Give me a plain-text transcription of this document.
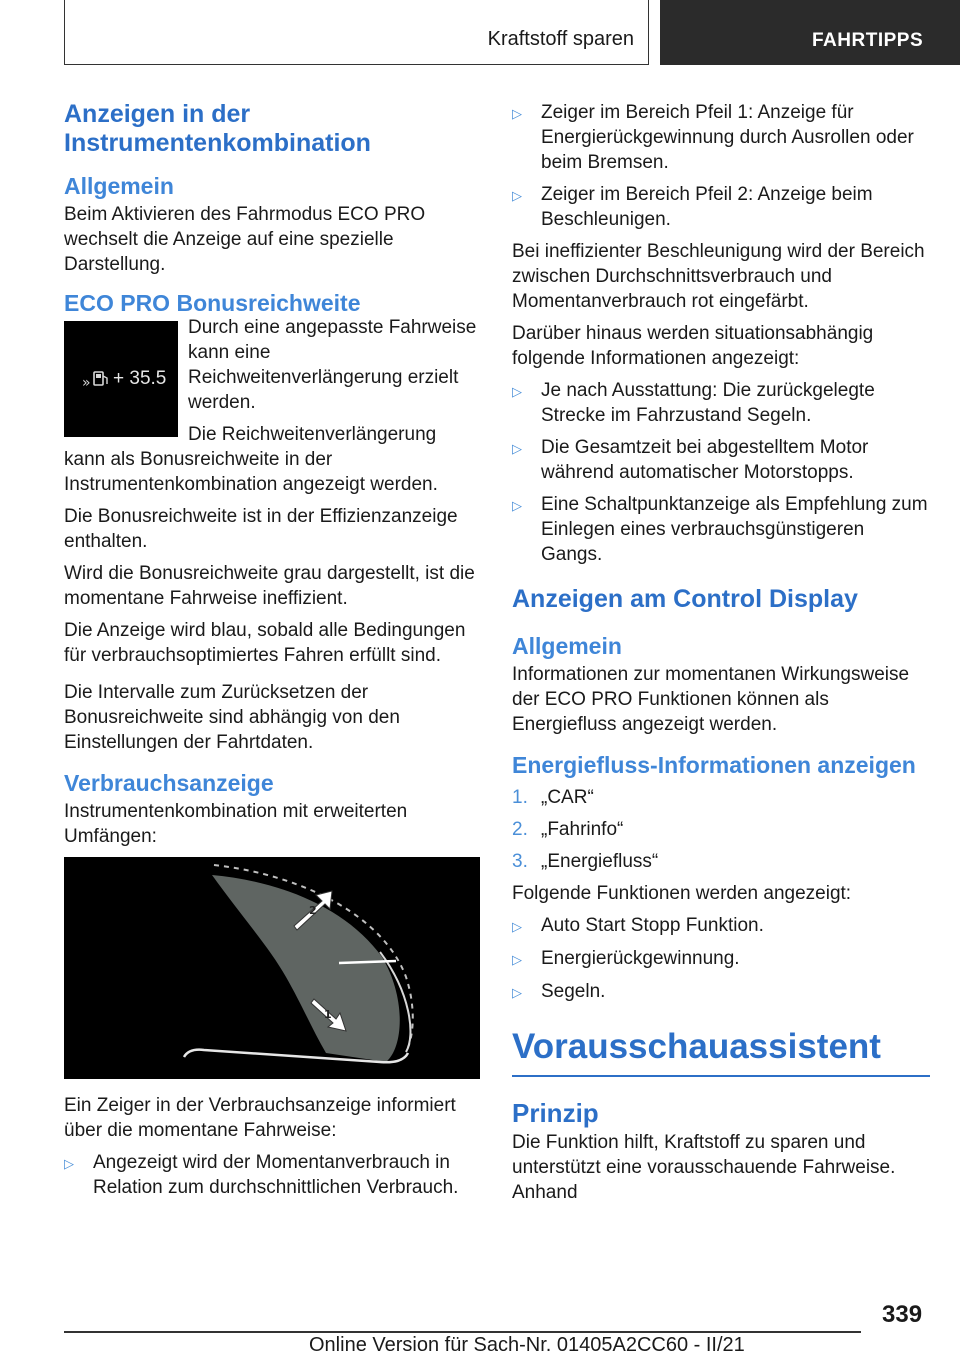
Kraftstoff sparen	FAHRTIPPS
Anzeigen in der Instrumentenkombination
Allgemein

Beim Aktivieren des Fahrmodus ECO PRO wechselt die Anzeige auf eine spezielle Darstellung.

ECO PRO Bonusreichweite
» + 35.5

Durch eine angepasste Fahrweise kann eine Reichweitenverlängerung erzielt werden.

Die Reichweitenverlängerung kann als Bonusreichweite in der Instrumentenkombination angezeigt werden.

Die Bonusreichweite ist in der Effizienzanzeige enthalten.

Wird die Bonusreichweite grau dargestellt, ist die momentane Fahrweise ineffizient.

Die Anzeige wird blau, sobald alle Bedingungen für verbrauchsoptimiertes Fahren erfüllt sind.

Die Intervalle zum Zurücksetzen der Bonusreichweite sind abhängig von den Einstellungen der Fahrtdaten.

Verbrauchsanzeige

Instrumentenkombination mit erweiterten Umfängen:

2
1

Ein Zeiger in der Verbrauchsanzeige informiert über die momentane Fahrweise:

▷	Angezeigt wird der Momentanverbrauch in Relation zum durchschnittlichen Verbrauch.
▷	Zeiger im Bereich Pfeil 1: Anzeige für Energierückgewinnung durch Ausrollen oder beim Bremsen.
▷	Zeiger im Bereich Pfeil 2: Anzeige beim Beschleunigen.

Bei ineffizienter Beschleunigung wird der Bereich zwischen Durchschnittsverbrauch und Momentanverbrauch rot eingefärbt.

Darüber hinaus werden situationsabhängig folgende Informationen angezeigt:

▷	Je nach Ausstattung: Die zurückgelegte Strecke im Fahrzustand Segeln.
▷	Die Gesamtzeit bei abgestelltem Motor während automatischer Motorstopps.
▷	Eine Schaltpunktanzeige als Empfehlung zum Einlegen eines verbrauchsgünstigeren Gangs.
Anzeigen am Control Display
Allgemein

Informationen zur momentanen Wirkungsweise der ECO PRO Funktionen können als Energiefluss angezeigt werden.

Energiefluss-Informationen anzeigen
1. „CAR“
2. „Fahrinfo“
3. „Energiefluss“

Folgende Funktionen werden angezeigt:

▷	Auto Start Stopp Funktion.
▷	Energierückgewinnung.
▷	Segeln.
Vorausschauassistent
Prinzip

Die Funktion hilft, Kraftstoff zu sparen und unterstützt eine vorausschauende Fahrweise. Anhand

339
Online Version für Sach-Nr. 01405A2CC60 - II/21
